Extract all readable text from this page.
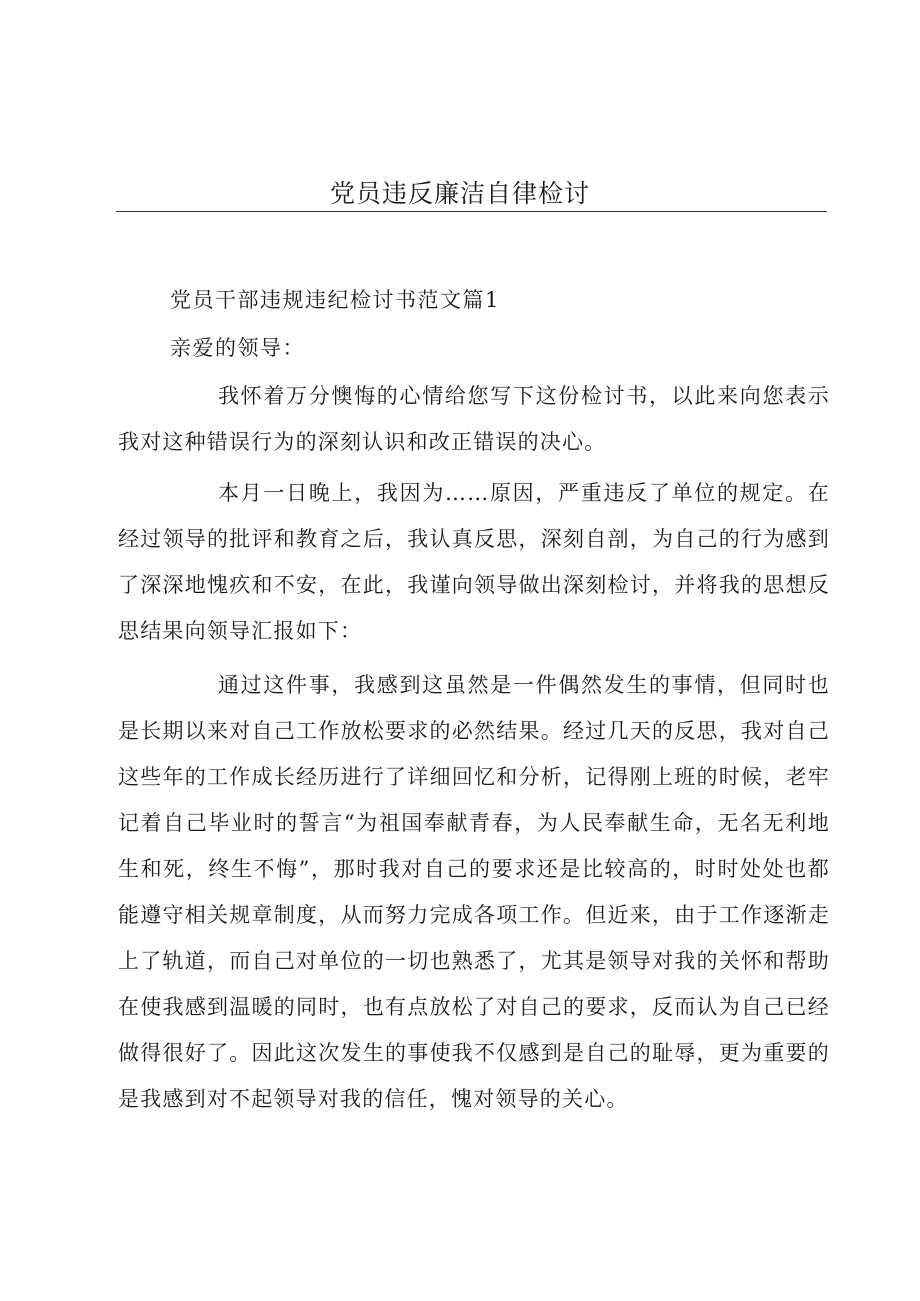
党员违反廉洁自律检讨
党员干部违规违纪检讨书范文篇1
亲爱的领导：

我怀着万分懊悔的心情给您写下这份检讨书，以此来向您表示我对这种错误行为的深刻认识和改正错误的决心。

本月一日晚上，我因为……原因，严重违反了单位的规定。在经过领导的批评和教育之后，我认真反思，深刻自剖，为自己的行为感到了深深地愧疚和不安，在此，我谨向领导做出深刻检讨，并将我的思想反思结果向领导汇报如下：

通过这件事，我感到这虽然是一件偶然发生的事情，但同时也是长期以来对自己工作放松要求的必然结果。经过几天的反思，我对自己这些年的工作成长经历进行了详细回忆和分析，记得刚上班的时候，老牢记着自己毕业时的誓言“为祖国奉献青春，为人民奉献生命，无名无利地生和死，终生不悔”，那时我对自己的要求还是比较高的，时时处处也都能遵守相关规章制度，从而努力完成各项工作。但近来，由于工作逐渐走上了轨道，而自己对单位的一切也熟悉了，尤其是领导对我的关怀和帮助在使我感到温暖的同时，也有点放松了对自己的要求，反而认为自己已经做得很好了。因此这次发生的事使我不仅感到是自己的耻辱，更为重要的是我感到对不起领导对我的信任，愧对领导的关心。
